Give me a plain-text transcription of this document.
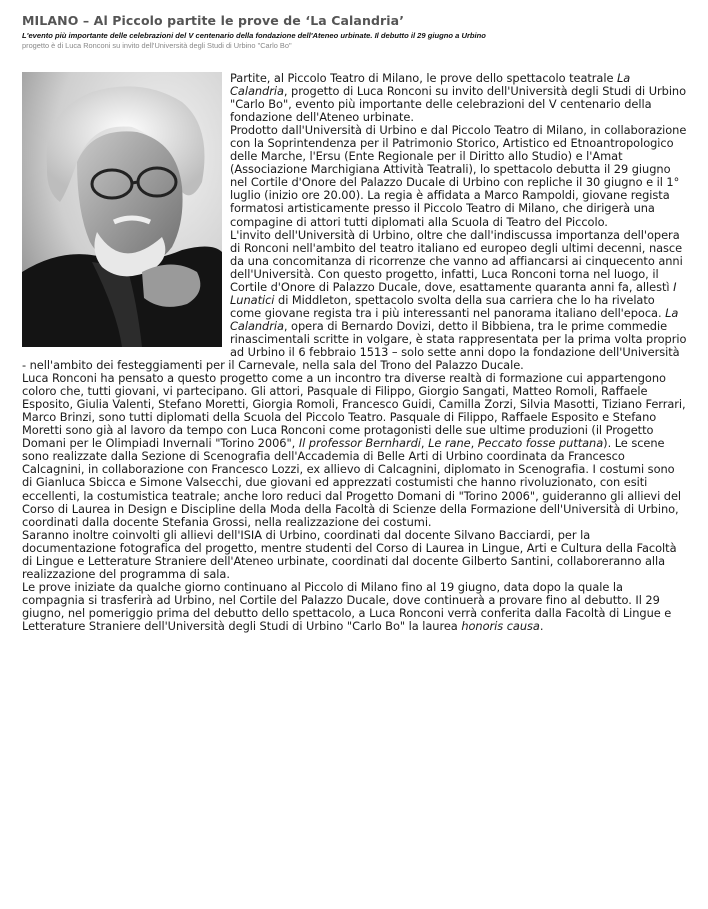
MILANO – Al Piccolo partite le prove de ‘La Calandria’
L'evento più importante delle celebrazioni del V centenario della fondazione dell'Ateneo urbinate. Il debutto il 29 giugno a Urbino
progetto è di Luca Ronconi su invito dell'Università degli Studi di Urbino "Carlo Bo"

Partite, al Piccolo Teatro di Milano, le prove dello spettacolo teatrale La Calandria, progetto di Luca Ronconi su invito dell'Università degli Studi di Urbino "Carlo Bo", evento più importante delle celebrazioni del V centenario della fondazione dell'Ateneo urbinate.

Prodotto dall'Università di Urbino e dal Piccolo Teatro di Milano, in collaborazione con la Soprintendenza per il Patrimonio Storico, Artistico ed Etnoantropologico delle Marche, l'Ersu (Ente Regionale per il Diritto allo Studio) e l'Amat (Associazione Marchigiana Attività Teatrali), lo spettacolo debutta il 29 giugno nel Cortile d'Onore del Palazzo Ducale di Urbino con repliche il 30 giugno e il 1° luglio (inizio ore 20.00). La regia è affidata a Marco Rampoldi, giovane regista formatosi artisticamente presso il Piccolo Teatro di Milano, che dirigerà una compagine di attori tutti diplomati alla Scuola di Teatro del Piccolo.

L'invito dell'Università di Urbino, oltre che dall'indiscussa importanza dell'opera di Ronconi nell'ambito del teatro italiano ed europeo degli ultimi decenni, nasce da una concomitanza di ricorrenze che vanno ad affiancarsi ai cinquecento anni dell'Università. Con questo progetto, infatti, Luca Ronconi torna nel luogo, il Cortile d'Onore di Palazzo Ducale, dove, esattamente quaranta anni fa, allestì I Lunatici di Middleton, spettacolo svolta della sua carriera che lo ha rivelato come giovane regista tra i più interessanti nel panorama italiano dell'epoca. La Calandria, opera di Bernardo Dovizi, detto il Bibbiena, tra le prime commedie rinascimentali scritte in volgare, è stata rappresentata per la prima volta proprio ad Urbino il 6 febbraio 1513 – solo sette anni dopo la fondazione dell'Università - nell'ambito dei festeggiamenti per il Carnevale, nella sala del Trono del Palazzo Ducale.

Luca Ronconi ha pensato a questo progetto come a un incontro tra diverse realtà di formazione cui appartengono coloro che, tutti giovani, vi partecipano. Gli attori, Pasquale di Filippo, Giorgio Sangati, Matteo Romoli, Raffaele Esposito, Giulia Valenti, Stefano Moretti, Giorgia Romoli, Francesco Guidi, Camilla Zorzi, Silvia Masotti, Tiziano Ferrari, Marco Brinzi, sono tutti diplomati della Scuola del Piccolo Teatro. Pasquale di Filippo, Raffaele Esposito e Stefano Moretti sono già al lavoro da tempo con Luca Ronconi come protagonisti delle sue ultime produzioni (il Progetto Domani per le Olimpiadi Invernali "Torino 2006", Il professor Bernhardi, Le rane, Peccato fosse puttana). Le scene sono realizzate dalla Sezione di Scenografia dell'Accademia di Belle Arti di Urbino coordinata da Francesco Calcagnini, in collaborazione con Francesco Lozzi, ex allievo di Calcagnini, diplomato in Scenografia. I costumi sono di Gianluca Sbicca e Simone Valsecchi, due giovani ed apprezzati costumisti che hanno rivoluzionato, con esiti eccellenti, la costumistica teatrale; anche loro reduci dal Progetto Domani di "Torino 2006", guideranno gli allievi del Corso di Laurea in Design e Discipline della Moda della Facoltà di Scienze della Formazione dell'Università di Urbino, coordinati dalla docente Stefania Grossi, nella realizzazione dei costumi.

Saranno inoltre coinvolti gli allievi dell'ISIA di Urbino, coordinati dal docente Silvano Bacciardi, per la documentazione fotografica del progetto, mentre studenti del Corso di Laurea in Lingue, Arti e Cultura della Facoltà di Lingue e Letterature Straniere dell'Ateneo urbinate, coordinati dal docente Gilberto Santini, collaboreranno alla realizzazione del programma di sala.

Le prove iniziate da qualche giorno continuano al Piccolo di Milano fino al 19 giugno, data dopo la quale la compagnia si trasferirà ad Urbino, nel Cortile del Palazzo Ducale, dove continuerà a provare fino al debutto. Il 29 giugno, nel pomeriggio prima del debutto dello spettacolo, a Luca Ronconi verrà conferita dalla Facoltà di Lingue e Letterature Straniere dell'Università degli Studi di Urbino "Carlo Bo" la laurea honoris causa.
